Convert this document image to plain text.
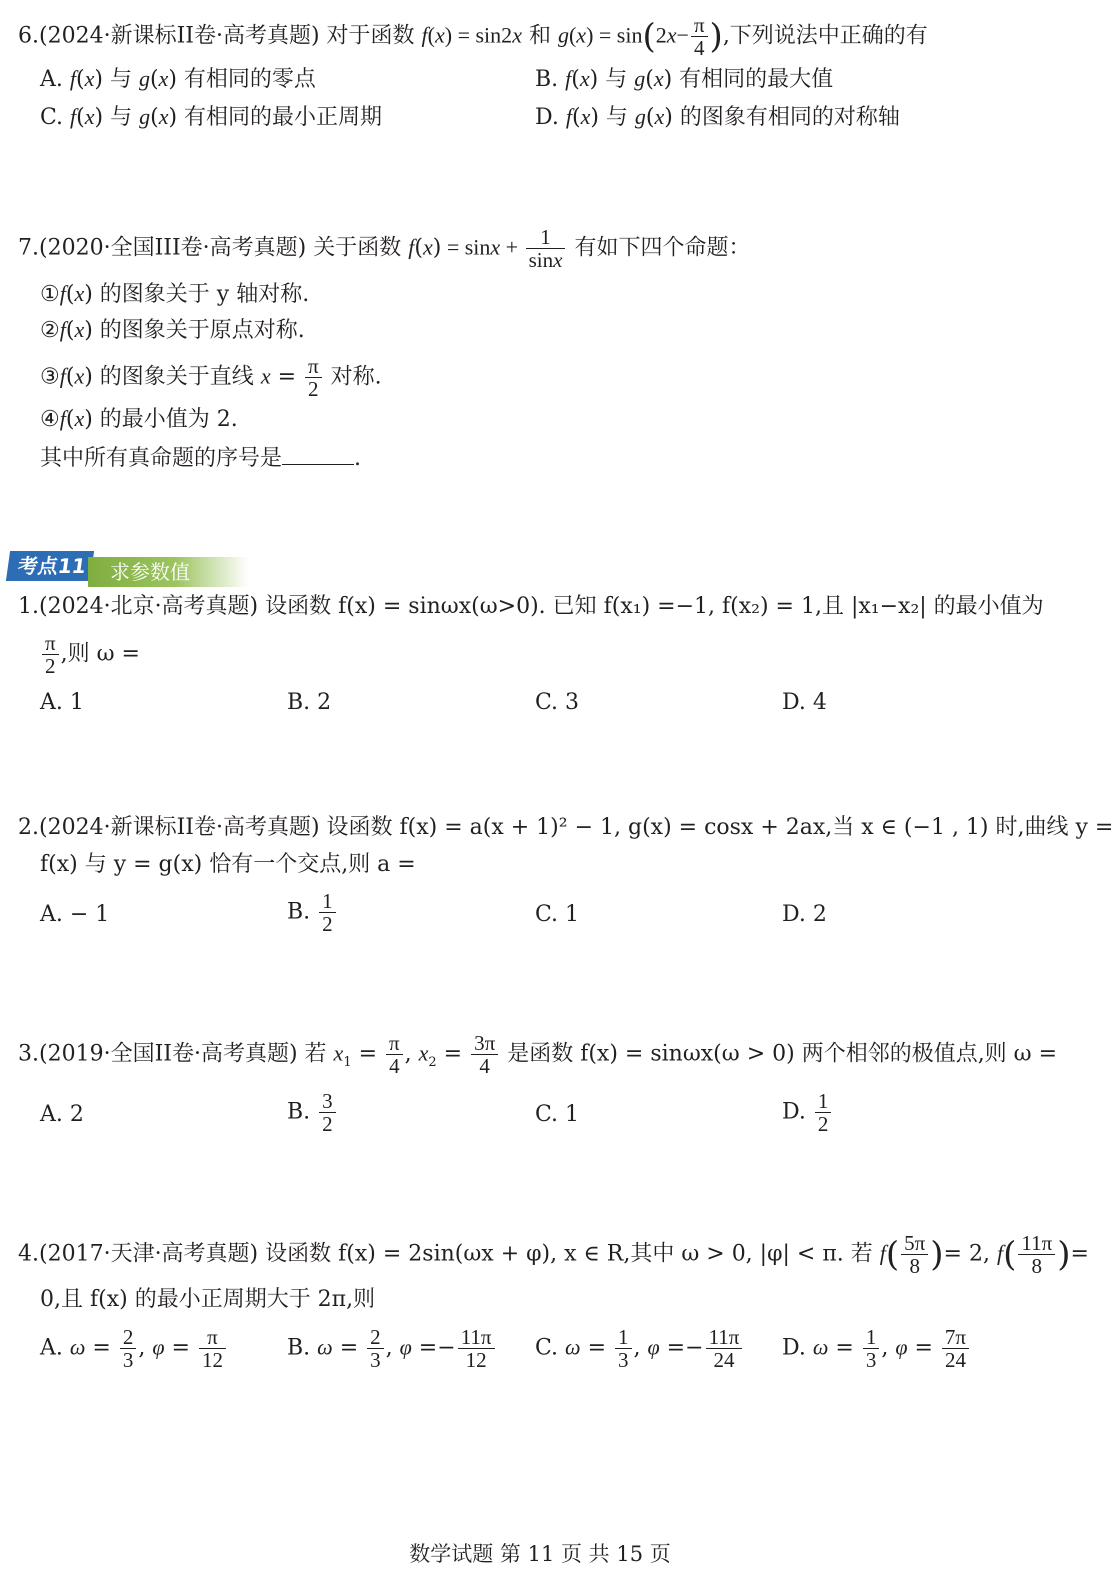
6.(2024·新课标II卷·高考真题) 对于函数 f(x) = sin2x 和 $g(x) = \sin(2x- \frac{\pi}{4}$ ),下列说法中正确的有
A. f(x) 与 g(x) 有相同的零点	B. f(x) 与 g(x) 有相同的最大值
C. f(x) 与 g(x) 有相同的最小正周期	D. f(x) 与 g(x) 的图象有相同的对称轴
7.(2020·全国III卷·高考真题) 关于函数 $f(x) = \sin x + \frac{1}{\sin x}$ 有如下四个命题：
①f(x) 的图象关于 y 轴对称.
②f(x) 的图象关于原点对称.
③f(x) 的图象关于直线 $x = \frac{\pi}{2}$ 对称.
④f(x) 的最小值为 2.
其中所有真命题的序号是	.
考点11	求参数值
1.(2024·北京·高考真题) 设函数 f(x) = sinωx(ω>0). 已知 f(x₁) =−1, f(x₂) = 1,且 |x₁−x₂| 的最小值为
$\frac{\pi}{2}$ ,则 ω =
A. 1	B. 2	C. 3	D. 4
2.(2024·新课标II卷·高考真题) 设函数 f(x) = a(x + 1)² − 1, g(x) = cosx + 2ax,当 x ∈ (−1 , 1) 时,曲线 y =
f(x) 与 y = g(x) 恰有一个交点,则 a =
A. − 1	B. $\frac{1}{2}$	C. 1	D. 2
3.(2019·全国II卷·高考真题) 若 $x_1 = \frac{\pi}{4}$ , $x_2 = \frac{3\pi}{4}$ 是函数 f(x) = sinωx(ω > 0) 两个相邻的极值点,则 ω =
A. 2	B. $\frac{3}{2}$	C. 1	D. $\frac{1}{2}$
4.(2017·天津·高考真题) 设函数 f(x) = 2sin(ωx + φ), x ∈ R,其中 ω > 0, |φ| < π. 若 $f( \frac{5\pi}{8}$ )= 2, $f( \frac{11\pi}{8}$ )=
0,且 f(x) 的最小正周期大于 2π,则
A. $\omega = \frac{2}{3}$ , $\varphi = \frac{\pi}{12}$	B. $\omega = \frac{2}{3}$ , $\varphi =- \frac{11\pi}{12} C$. $\omega = \frac{1}{3}$ , $\varphi =- \frac{11\pi}{24} D$. $\omega = \frac{1}{3}$ , $\varphi = \frac{7\pi}{24}$
数学试题 第 11 页 共 15 页
